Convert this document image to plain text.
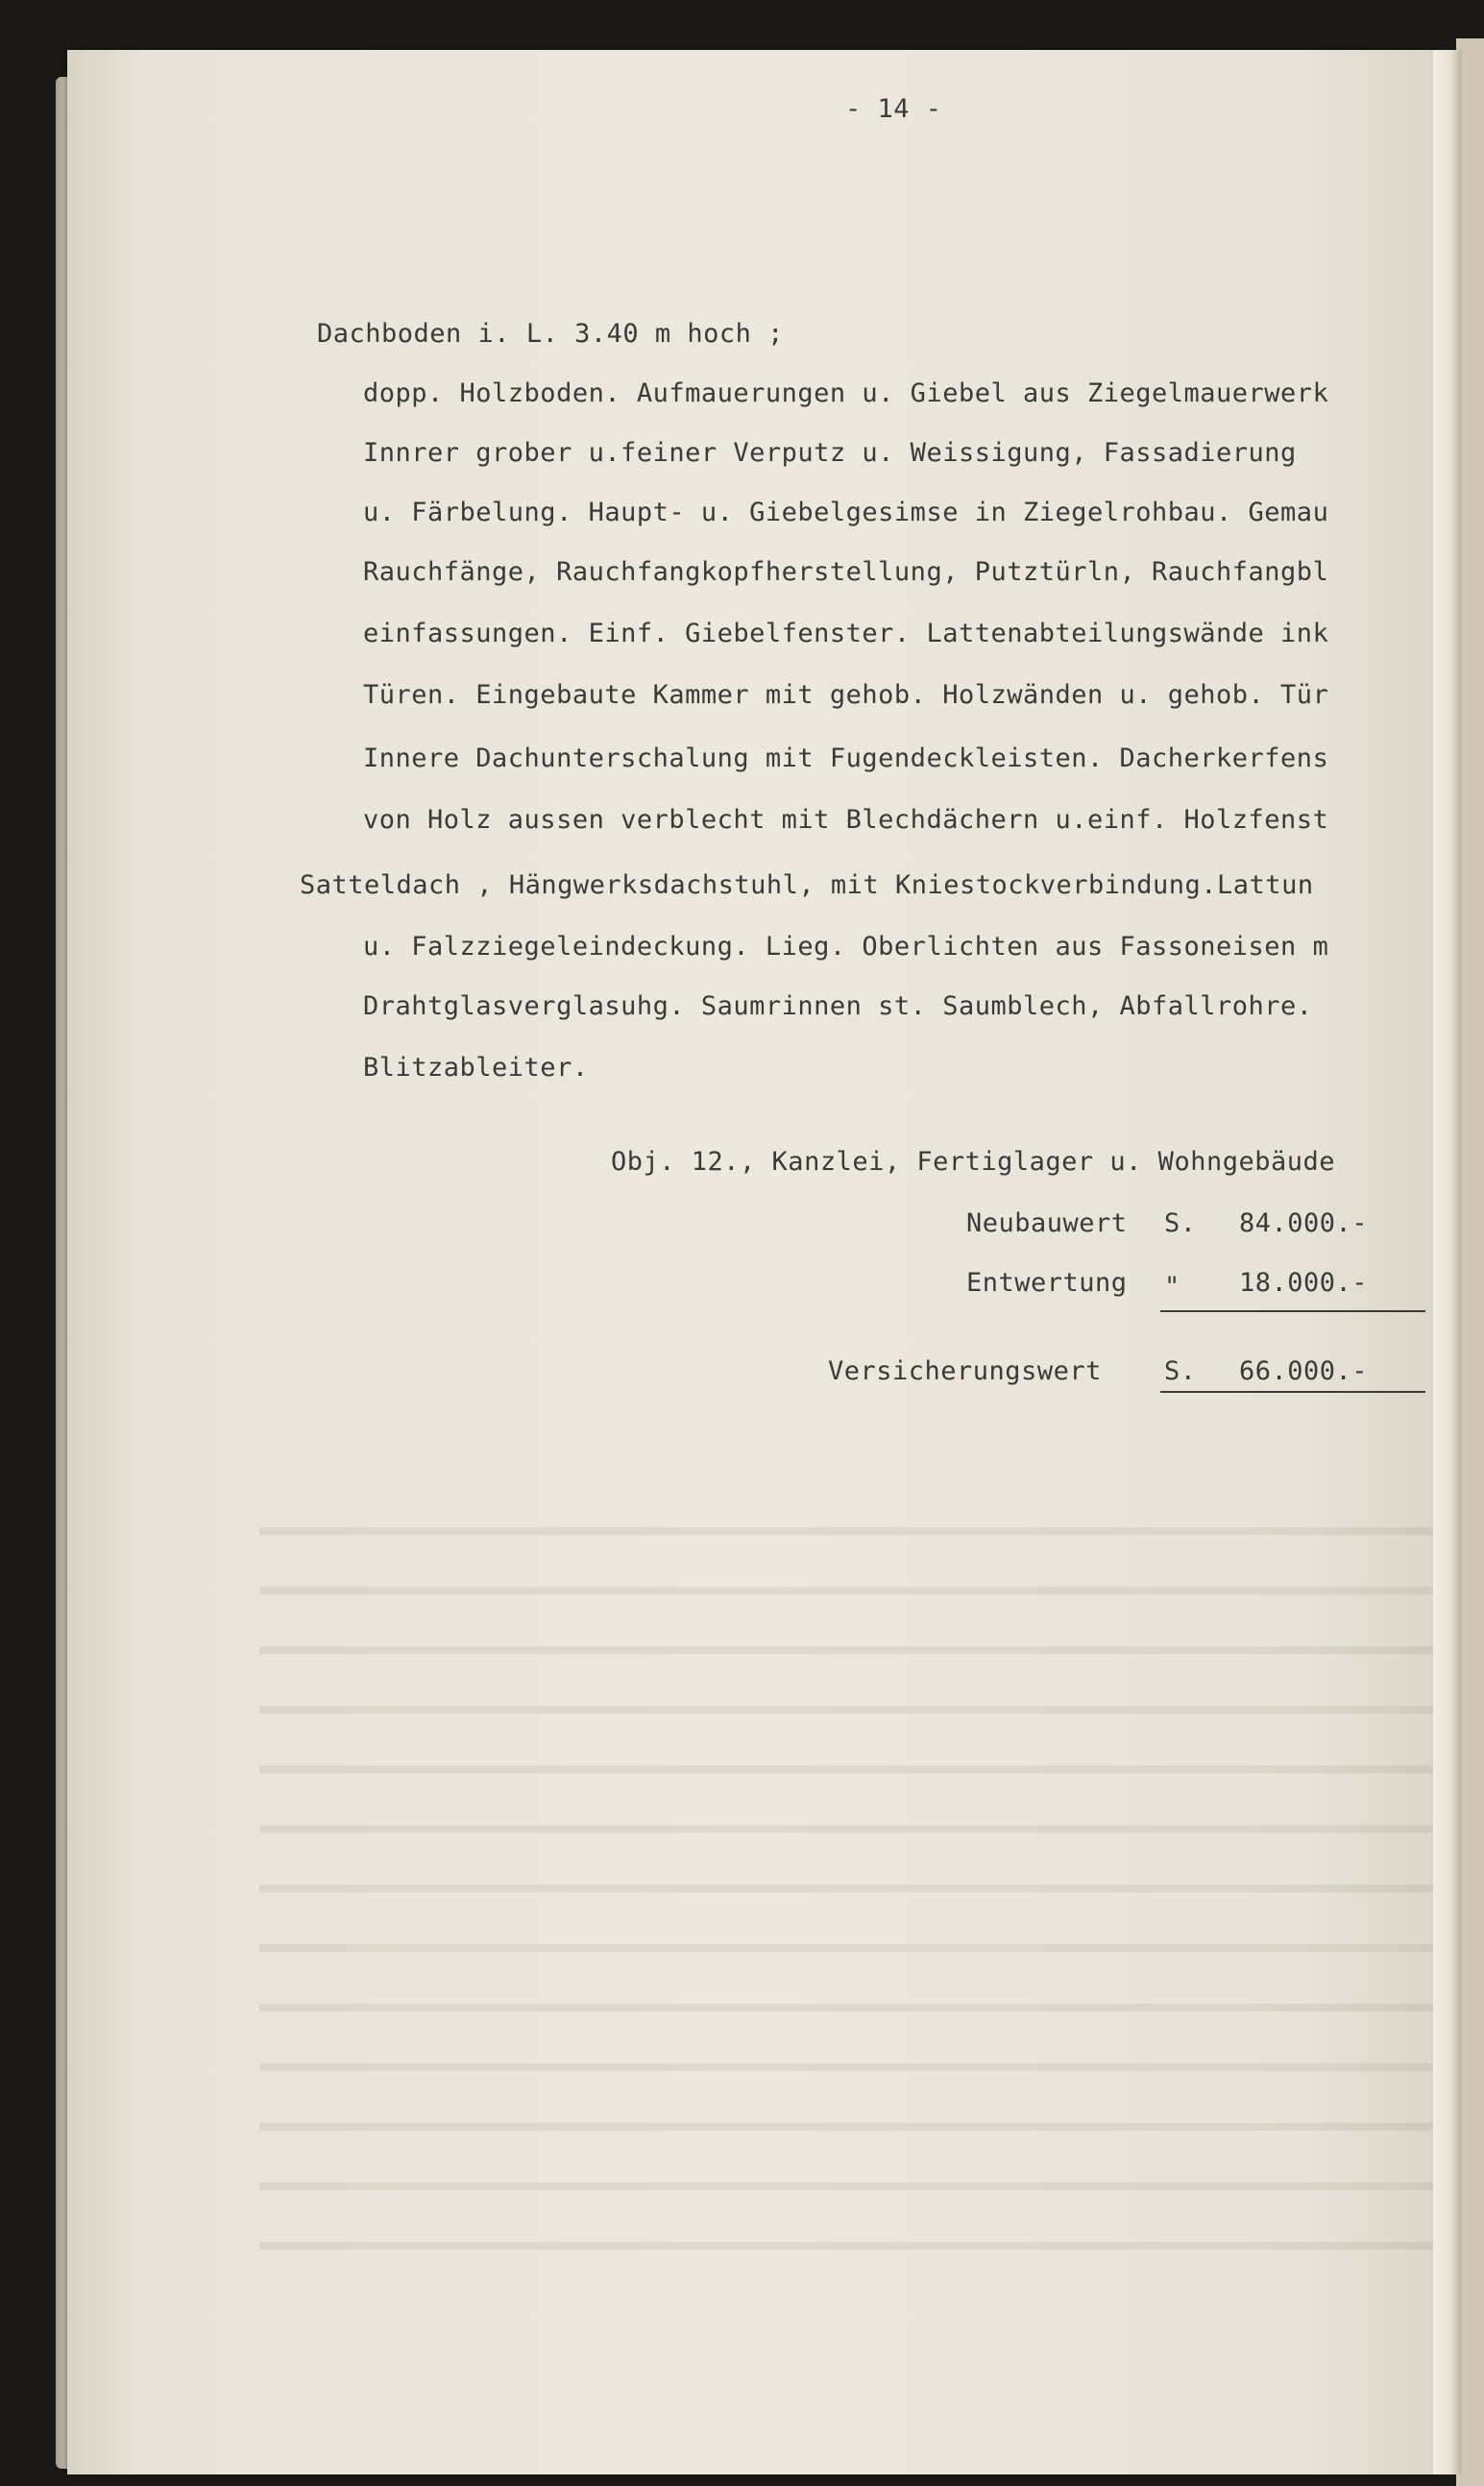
- 14 -
Dachboden i. L. 3.40 m hoch ;
dopp. Holzboden. Aufmauerungen u. Giebel aus Ziegelmauerwerk
Innrer grober u.feiner Verputz u. Weissigung, Fassadierung
u. Färbelung. Haupt- u. Giebelgesimse in Ziegelrohbau. Gemau
Rauchfänge, Rauchfangkopfherstellung, Putztürln, Rauchfangbl
einfassungen. Einf. Giebelfenster. Lattenabteilungswände ink
Türen. Eingebaute Kammer mit gehob. Holzwänden u. gehob. Tür
Innere Dachunterschalung mit Fugendeckleisten. Dacherkerfens
von Holz aussen verblecht mit Blechdächern u.einf. Holzfenst
Satteldach , Hängwerksdachstuhl, mit Kniestockverbindung.Lattun
u. Falzziegeleindeckung. Lieg. Oberlichten aus Fassoneisen m
Drahtglasverglasuhg. Saumrinnen st. Saumblech, Abfallrohre.
Blitzableiter.
Obj. 12., Kanzlei, Fertiglager u. Wohngebäude
Neubauwert S. 84.000.-
Entwertung " 18.000.-
Versicherungswert S. 66.000.-
